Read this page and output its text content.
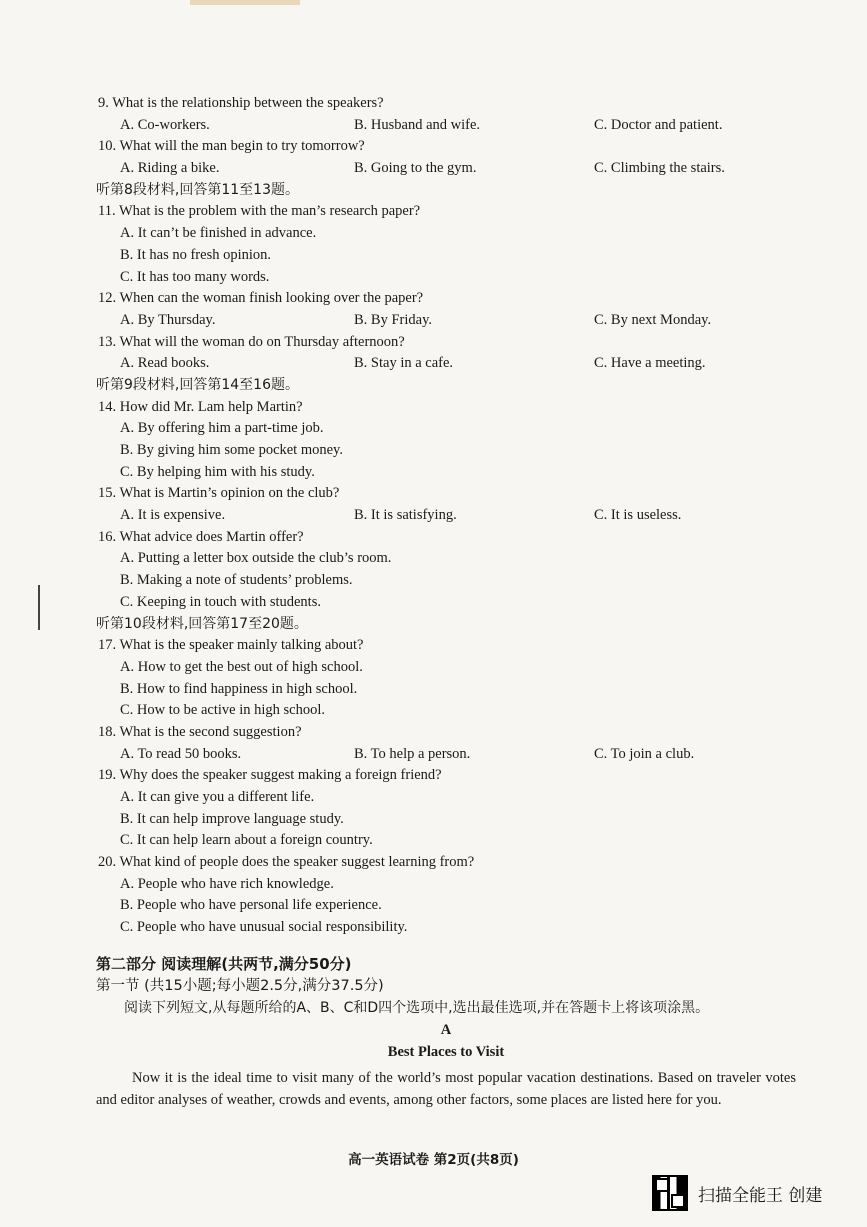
9. What is the relationship between the speakers?
A. Co-workers.	B. Husband and wife.	C. Doctor and patient.
10. What will the man begin to try tomorrow?
A. Riding a bike.	B. Going to the gym.	C. Climbing the stairs.
听第8段材料,回答第11至13题。
11. What is the problem with the man’s research paper?
A. It can’t be finished in advance.
B. It has no fresh opinion.
C. It has too many words.
12. When can the woman finish looking over the paper?
A. By Thursday.	B. By Friday.	C. By next Monday.
13. What will the woman do on Thursday afternoon?
A. Read books.	B. Stay in a cafe.	C. Have a meeting.
听第9段材料,回答第14至16题。
14. How did Mr. Lam help Martin?
A. By offering him a part-time job.
B. By giving him some pocket money.
C. By helping him with his study.
15. What is Martin’s opinion on the club?
A. It is expensive.	B. It is satisfying.	C. It is useless.
16. What advice does Martin offer?
A. Putting a letter box outside the club’s room.
B. Making a note of students’ problems.
C. Keeping in touch with students.
听第10段材料,回答第17至20题。
17. What is the speaker mainly talking about?
A. How to get the best out of high school.
B. How to find happiness in high school.
C. How to be active in high school.
18. What is the second suggestion?
A. To read 50 books.	B. To help a person.	C. To join a club.
19. Why does the speaker suggest making a foreign friend?
A. It can give you a different life.
B. It can help improve language study.
C. It can help learn about a foreign country.
20. What kind of people does the speaker suggest learning from?
A. People who have rich knowledge.
B. People who have personal life experience.
C. People who have unusual social responsibility.
第二部分 阅读理解(共两节,满分50分)
第一节 (共15小题;每小题2.5分,满分37.5分)
阅读下列短文,从每题所给的A、B、C和D四个选项中,选出最佳选项,并在答题卡上将该项涂黑。
A
Best Places to Visit
Now it is the ideal time to visit many of the world’s most popular vacation destinations. Based on traveler votes and editor analyses of weather, crowds and events, among other factors, some places are listed here for you.
高一英语试卷 第2页(共8页)
扫描全能王 创建
